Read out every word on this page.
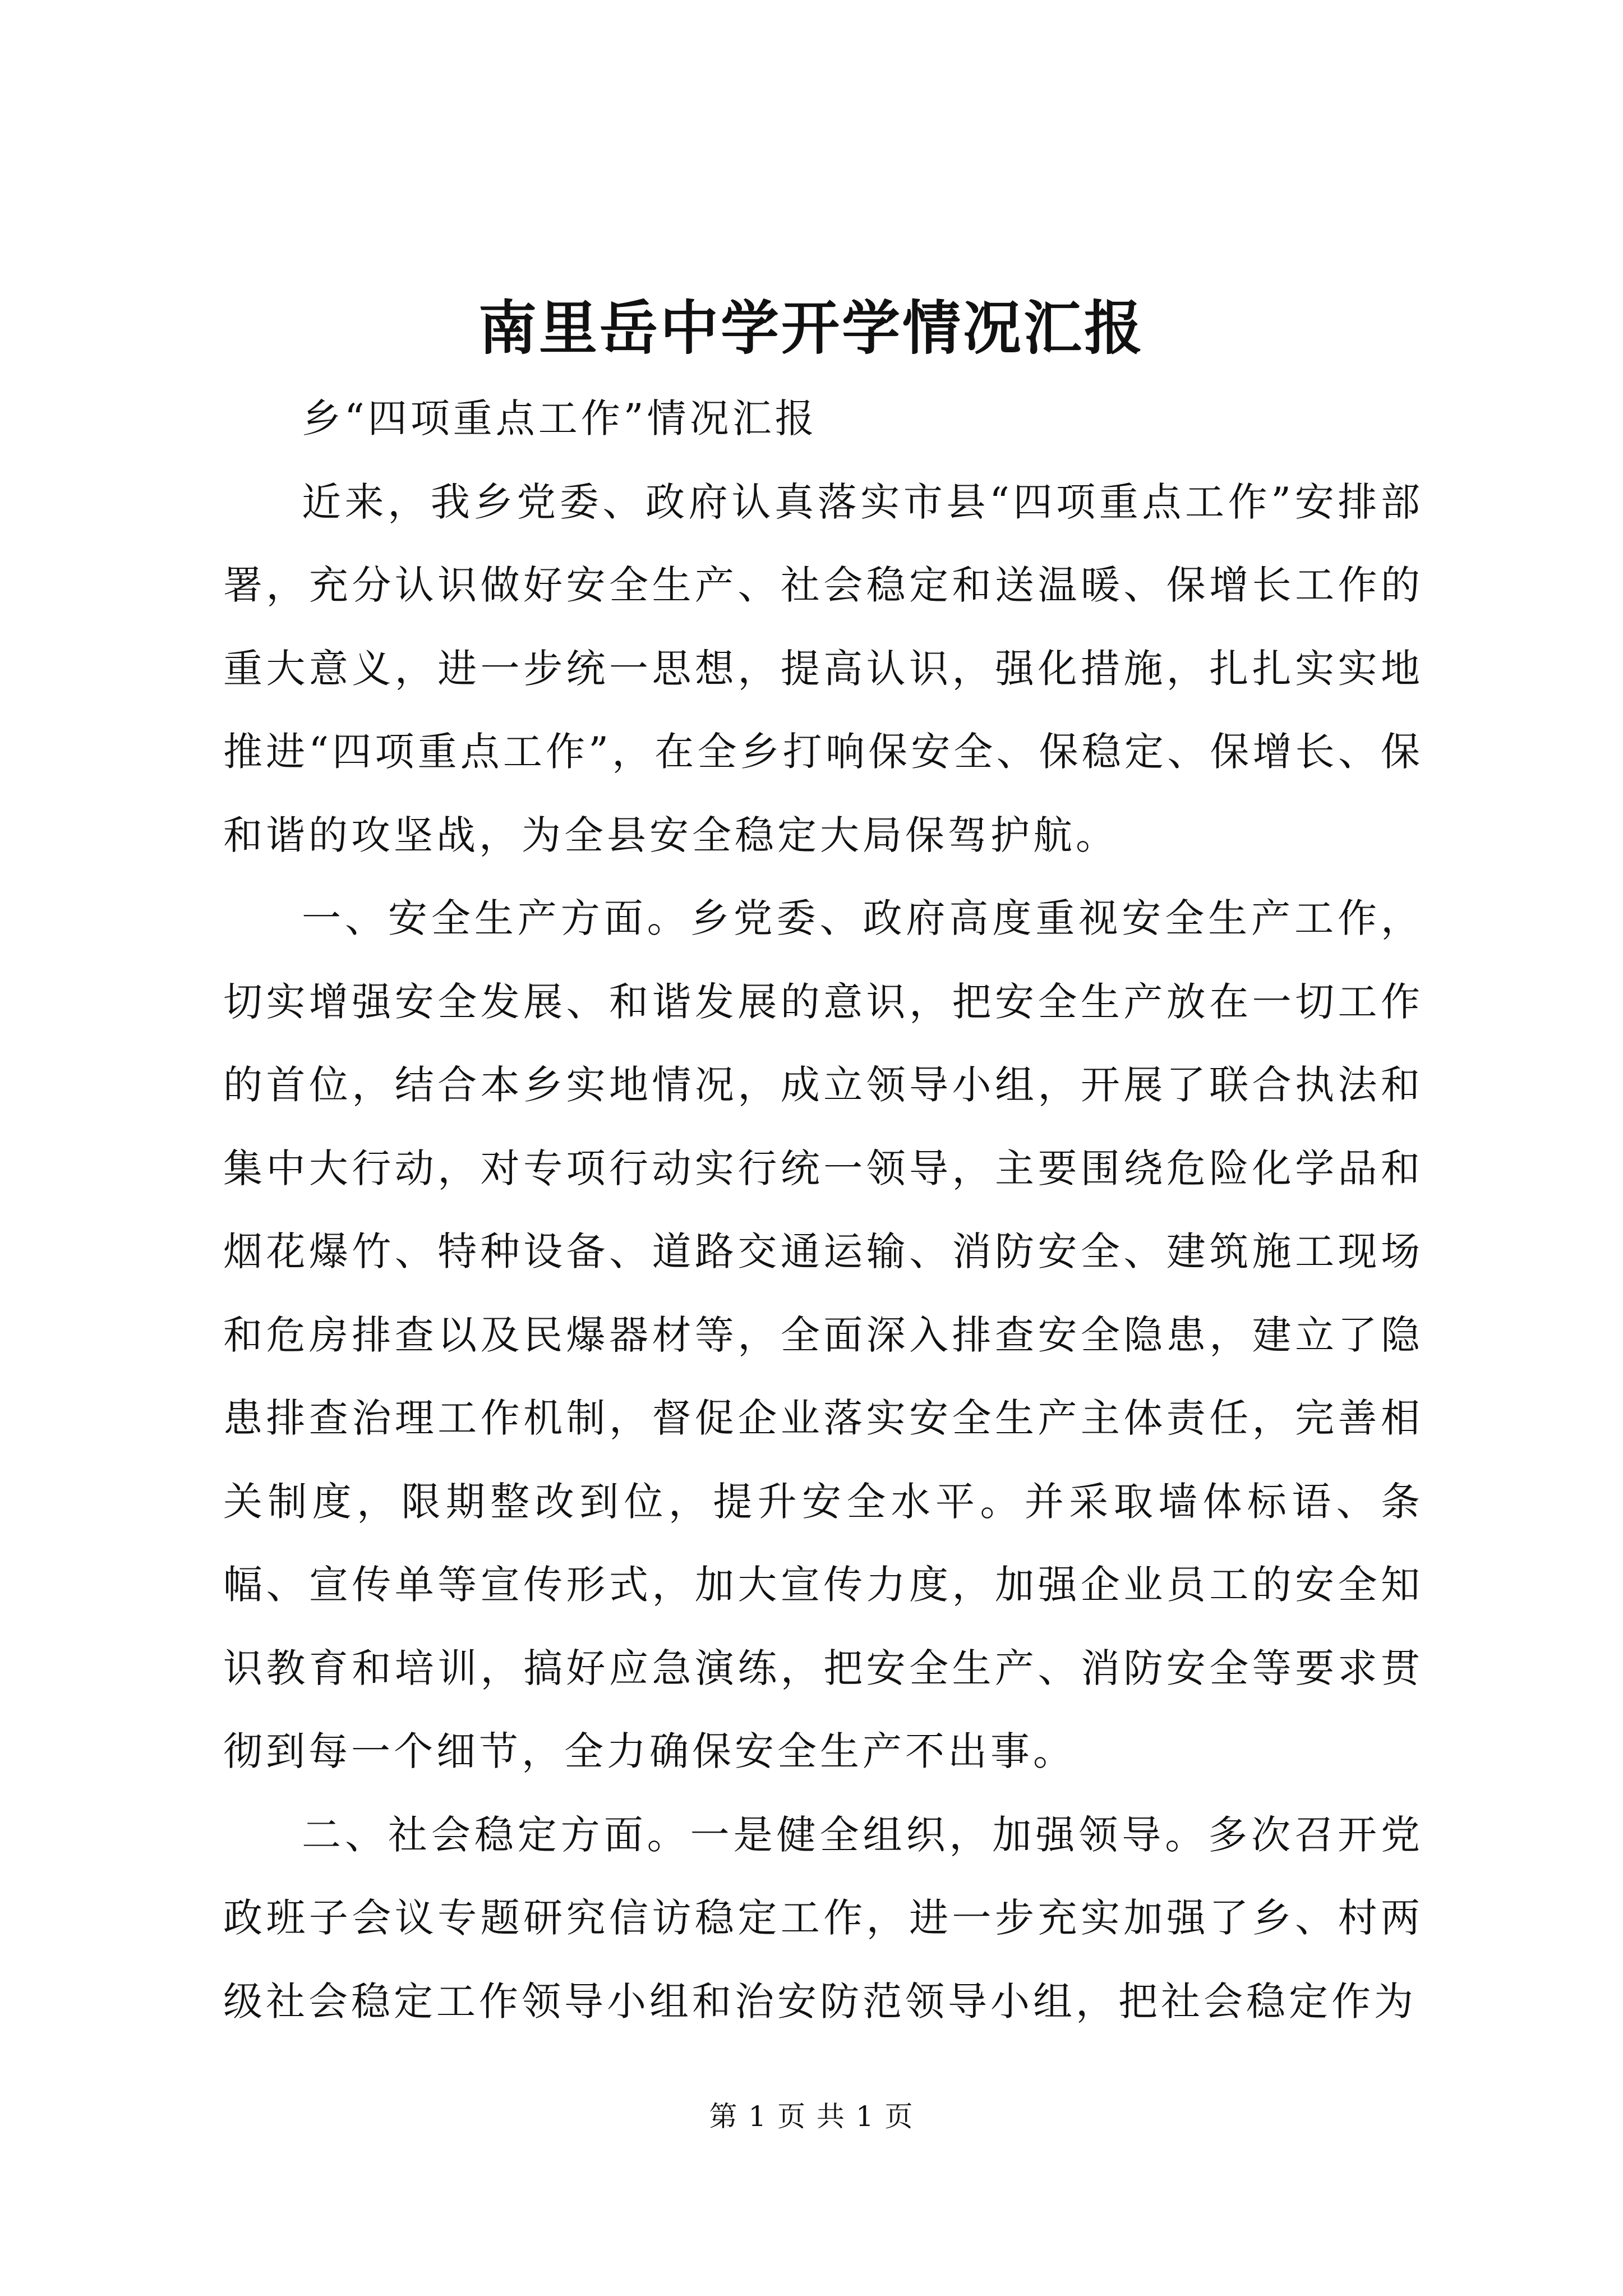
南里岳中学开学情况汇报

乡“四项重点工作”情况汇报

近来，我乡党委、政府认真落实市县“四项重点工作”安排部署，充分认识做好安全生产、社会稳定和送温暖、保增长工作的重大意义，进一步统一思想，提高认识，强化措施，扎扎实实地推进“四项重点工作”，在全乡打响保安全、保稳定、保增长、保和谐的攻坚战，为全县安全稳定大局保驾护航。

一、安全生产方面。乡党委、政府高度重视安全生产工作，切实增强安全发展、和谐发展的意识，把安全生产放在一切工作的首位，结合本乡实地情况，成立领导小组，开展了联合执法和集中大行动，对专项行动实行统一领导，主要围绕危险化学品和烟花爆竹、特种设备、道路交通运输、消防安全、建筑施工现场和危房排查以及民爆器材等，全面深入排查安全隐患，建立了隐患排查治理工作机制，督促企业落实安全生产主体责任，完善相关制度，限期整改到位，提升安全水平。并采取墙体标语、条幅、宣传单等宣传形式，加大宣传力度，加强企业员工的安全知识教育和培训，搞好应急演练，把安全生产、消防安全等要求贯彻到每一个细节，全力确保安全生产不出事。

二、社会稳定方面。一是健全组织，加强领导。多次召开党政班子会议专题研究信访稳定工作，进一步充实加强了乡、村两级社会稳定工作领导小组和治安防范领导小组，把社会稳定作为

第 1 页 共 1 页
